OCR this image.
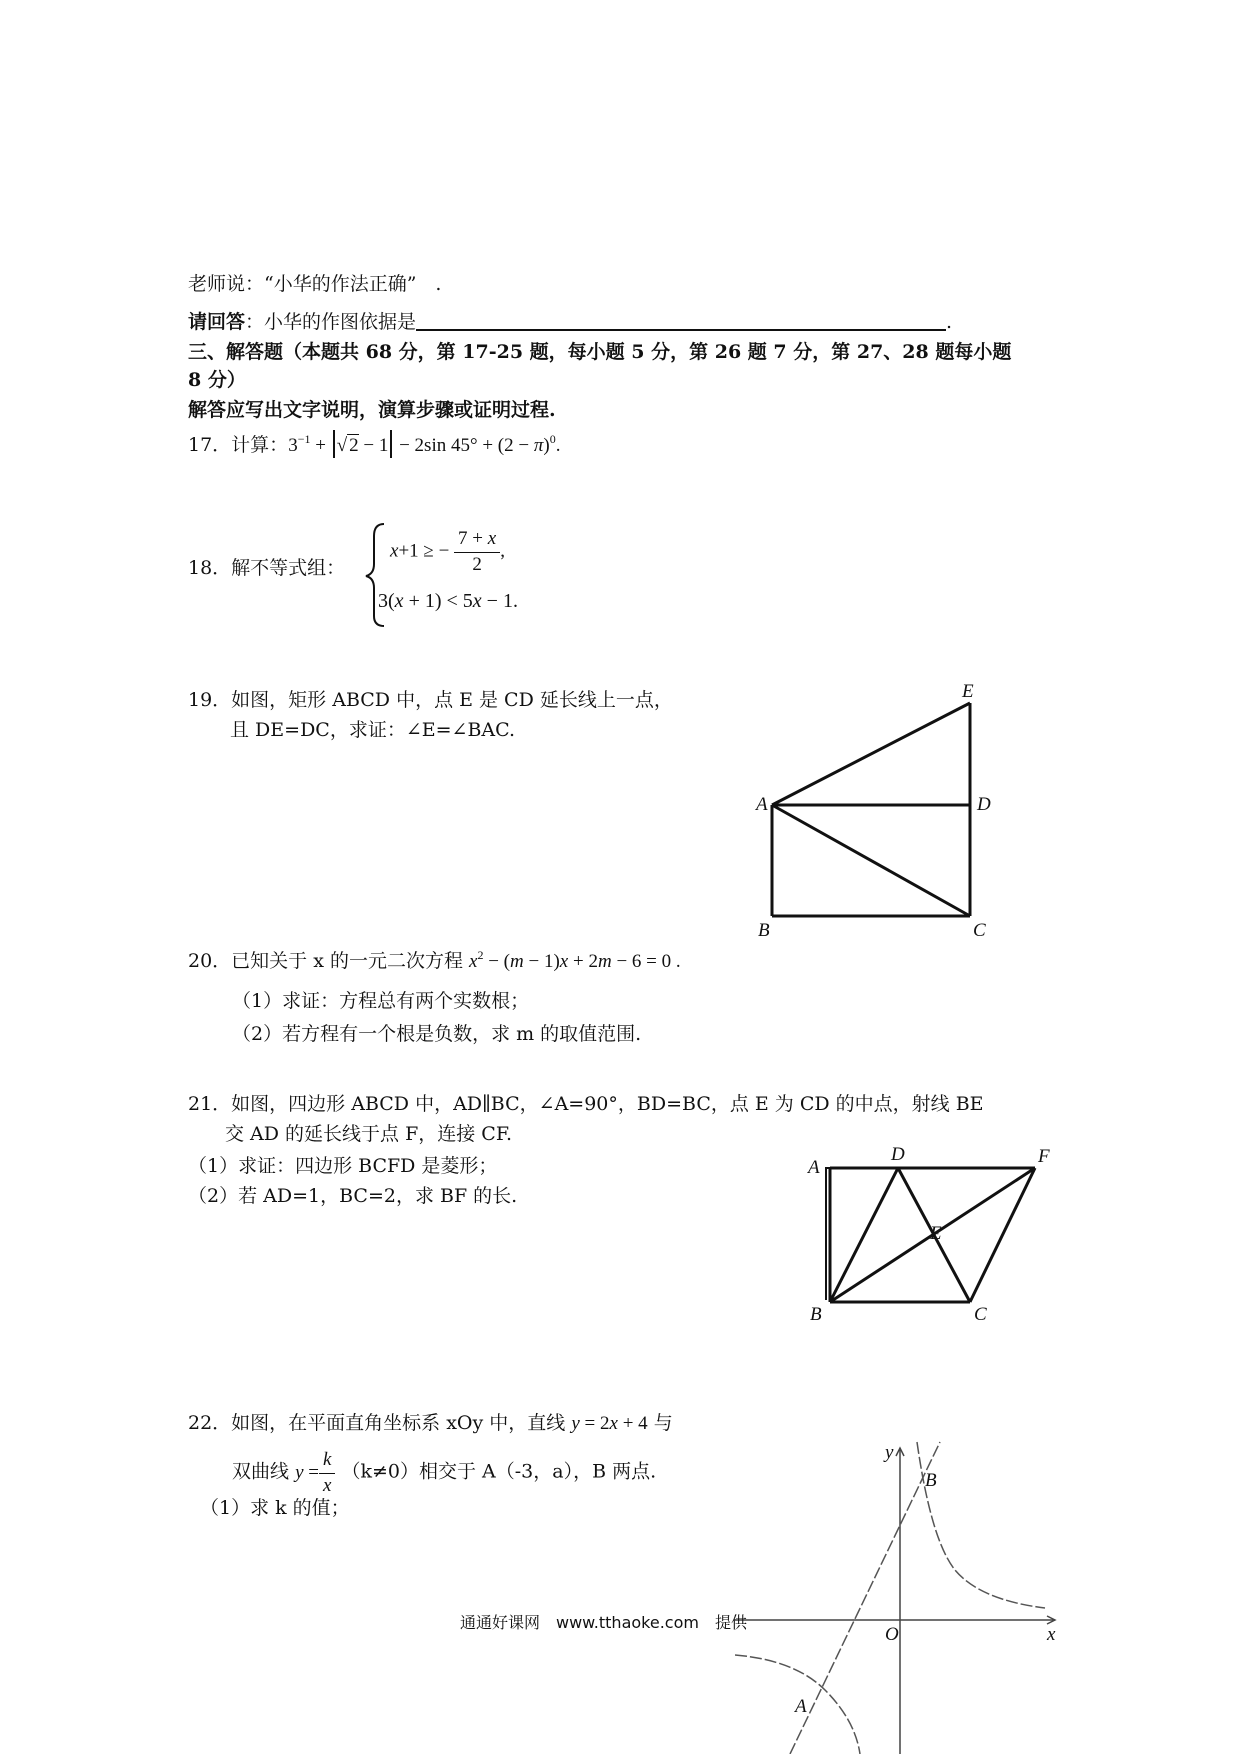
老师说：“小华的作法正确”　.
请回答：小华的作图依据是	.
三、解答题（本题共 68 分，第 17-25 题，每小题 5 分，第 26 题 7 分，第 27、28 题每小题
8 分）
解答应写出文字说明，演算步骤或证明过程.
17．计算：$3^{-1}$ + √ 2 − 1 − 2sin $45^\circ + (2 - \pi)^0$.
18．解不等式组：
x+1 ≥ − $\frac{7 + x}{2}$ ,
3(x + 1) < 5x − 1.
19．如图，矩形 ABCD 中，点 E 是 CD 延长线上一点，
且 DE=DC，求证：∠E=∠BAC.
E
A	D
B	C
20．已知关于 x 的一元二次方程 $x^2 - (m - 1)x + 2m - 6 = 0$ .
（1）求证：方程总有两个实数根；
（2）若方程有一个根是负数，求 m 的取值范围.
21．如图，四边形 ABCD 中，AD∥BC，∠A=90°，BD=BC，点 E 为 CD 的中点，射线 BE
交 AD 的延长线于点 F，连接 CF.
（1）求证：四边形 BCFD 是菱形；
（2）若 AD=1，BC=2，求 BF 的长.
A
D	F
E
B	C
22．如图，在平面直角坐标系 xOy 中，直线 y = 2x + 4 与
双曲线 $y = \frac{k}{x} (k\ne 0)$相交于 A（-3，a），B 两点.
（1）求 k 的值；
x
y
O
B
A
通通好课网　www.tthaoke.com　提供
